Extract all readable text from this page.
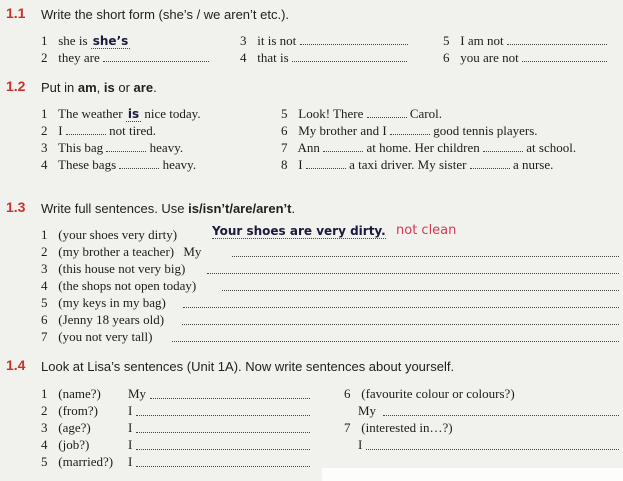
1.1 Write the short form (she’s / we aren’t etc.).
1 she is she’s
2 they are
3 it is not
4 that is
5 I am not
6 you are not
1.2 Put in am, is or are.
1 The weather is nice today.
2 I	not tired.
3 This bag	heavy.
4 These bags	heavy.
5 Look! There	Carol.
6 My brother and I	good tennis players.
7 Ann	at home. Her children	at school.
8 I	a taxi driver. My sister	a nurse.
1.3 Write full sentences. Use is/isn’t/are/aren’t.
1 (your shoes very dirty)	Your shoes are very dirty. not clean
2 (my brother a teacher) My
3 (this house not very big)
4 (the shops not open today)
5 (my keys in my bag)
6 (Jenny 18 years old)
7 (you not very tall)
1.4 Look at Lisa’s sentences (Unit 1A). Now write sentences about yourself.
1 (name?) My
2 (from?) I
3 (age?)	I
4 (job?)	I
5 (married?) I
6 (favourite colour or colours?)
My
7 (interested in…?)
I
